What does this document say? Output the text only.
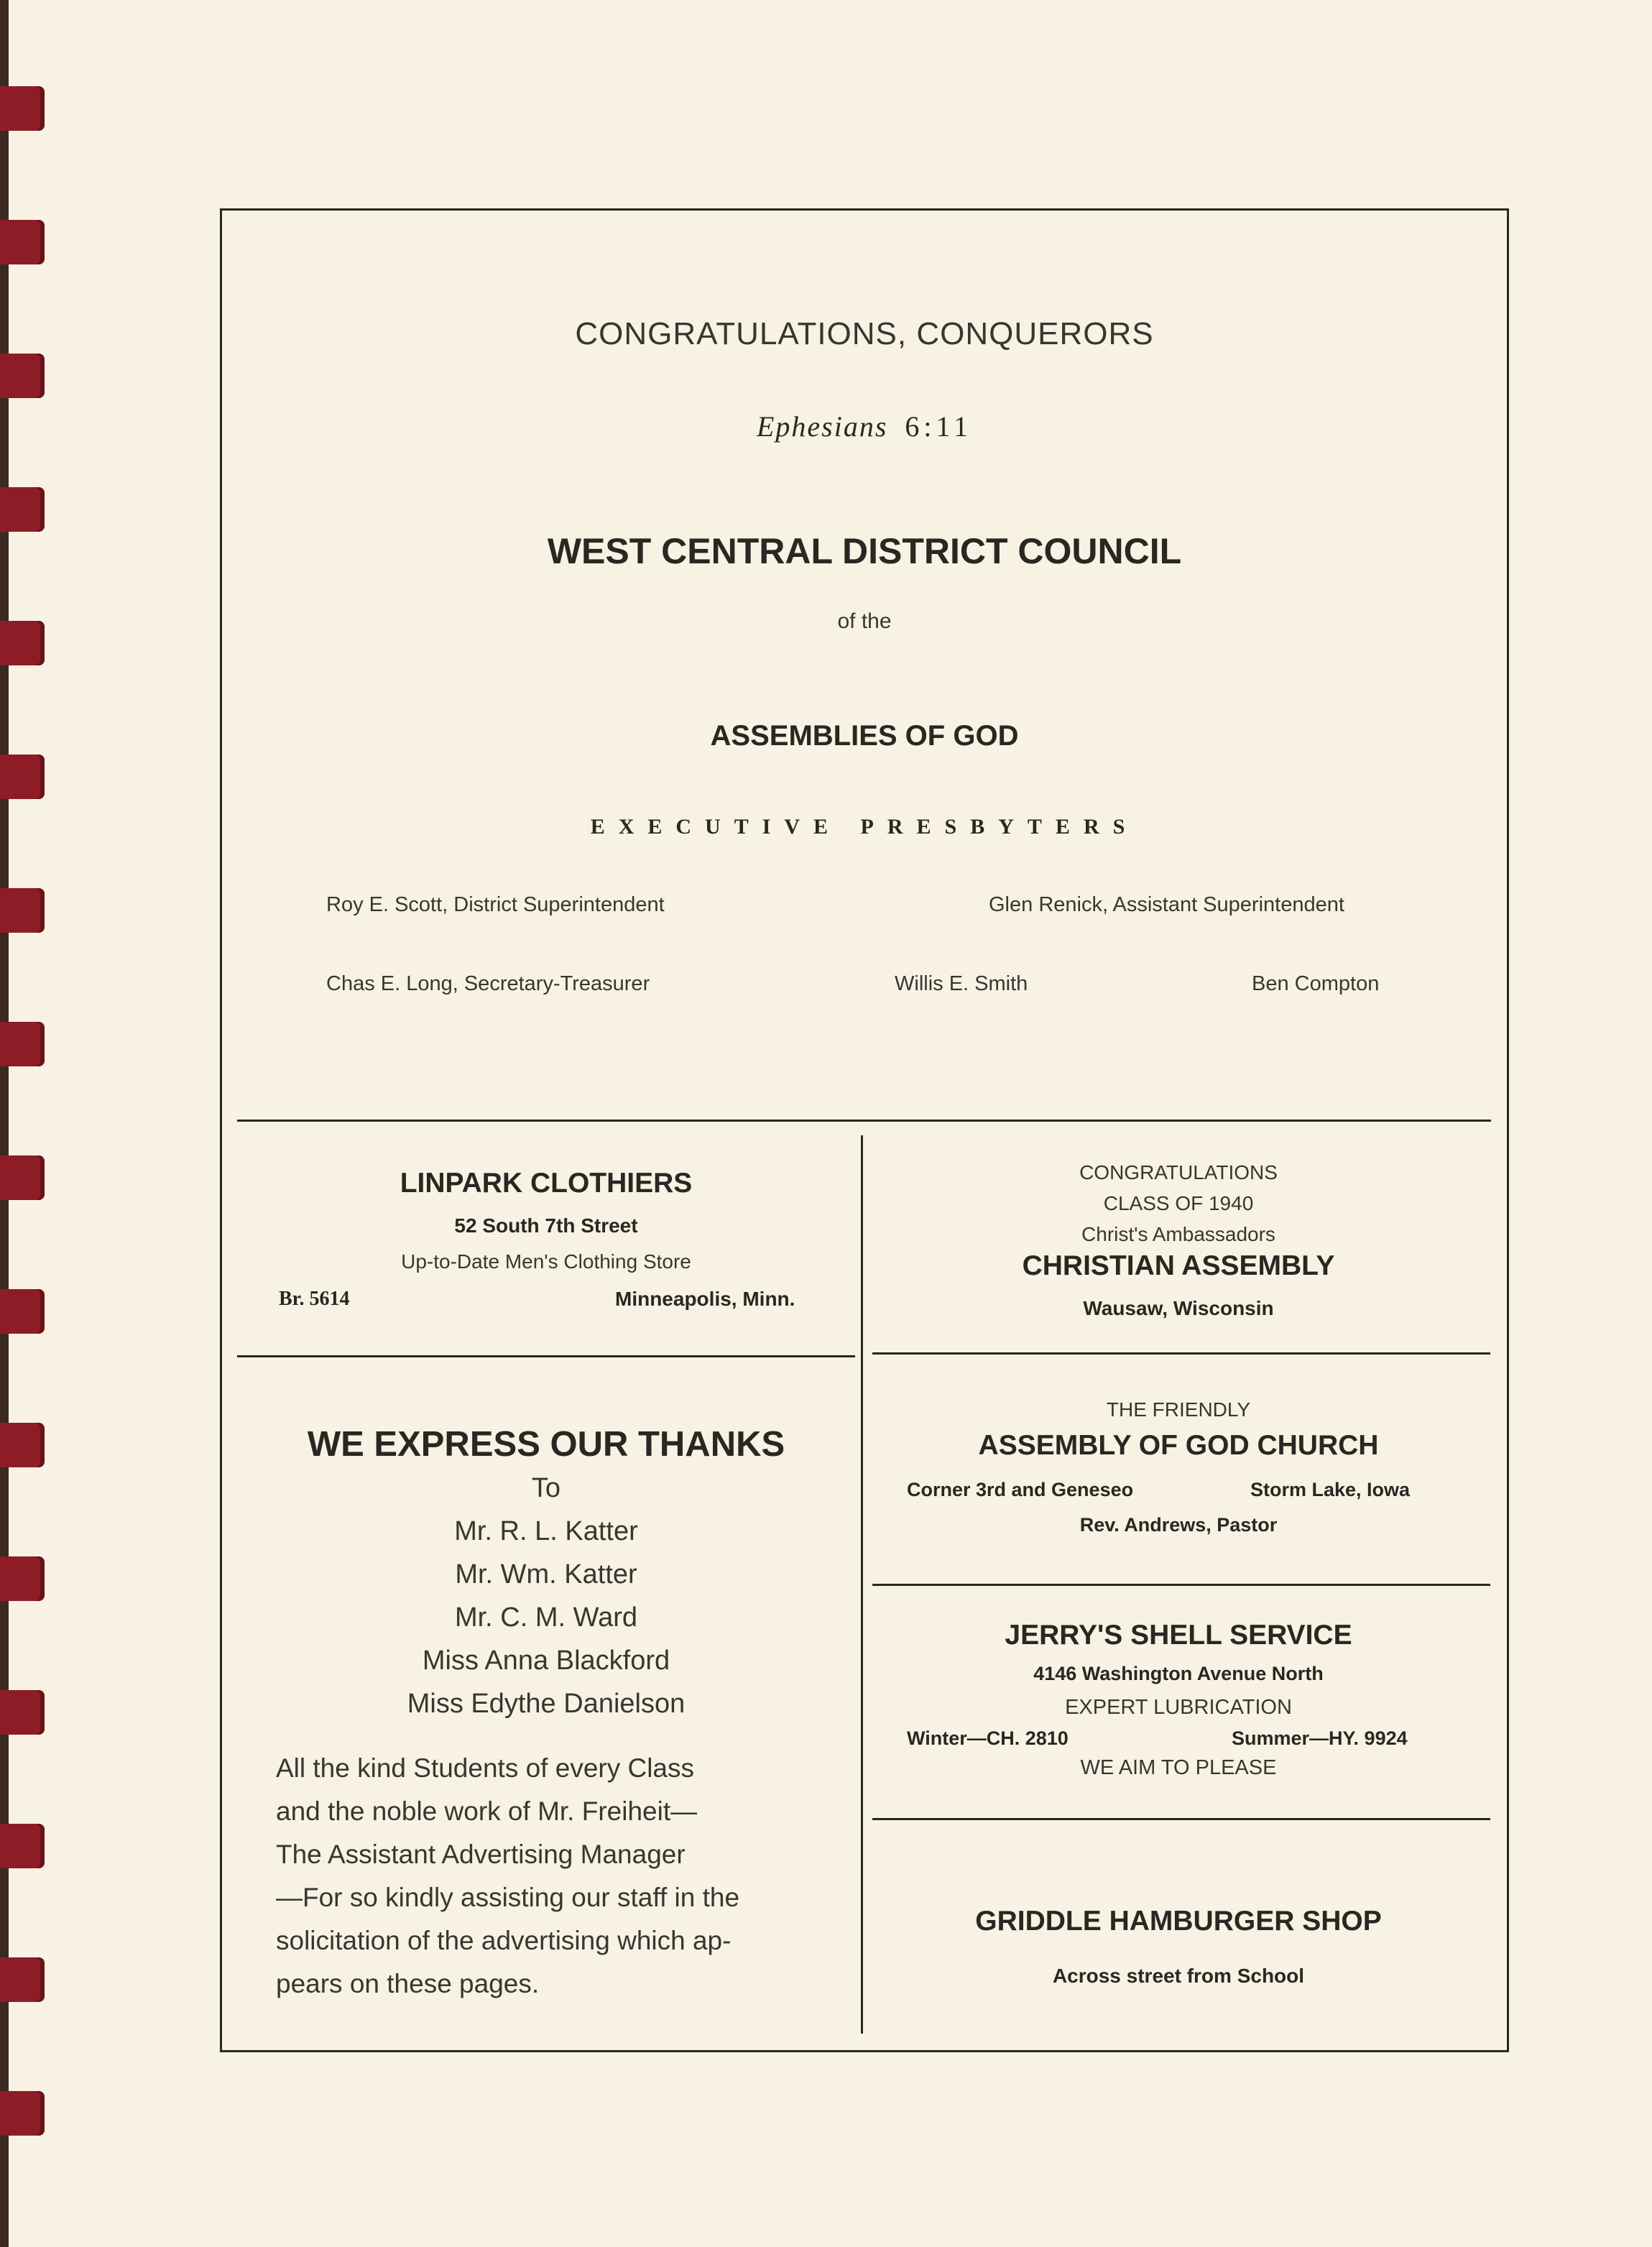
CONGRATULATIONS, CONQUERORS
Ephesians 6:11
WEST CENTRAL DISTRICT COUNCIL
of the
ASSEMBLIES OF GOD
EXECUTIVE PRESBYTERS
Roy E. Scott, District Superintendent	Glen Renick, Assistant Superintendent
Chas E. Long, Secretary-Treasurer	Willis E. Smith	Ben Compton
LINPARK CLOTHIERS
52 South 7th Street
Up-to-Date Men's Clothing Store
Br. 5614	Minneapolis, Minn.
CONGRATULATIONS
CLASS OF 1940
Christ's Ambassadors
CHRISTIAN ASSEMBLY
Wausaw, Wisconsin
WE EXPRESS OUR THANKS
To
Mr. R. L. Katter
Mr. Wm. Katter
Mr. C. M. Ward
Miss Anna Blackford
Miss Edythe Danielson
All the kind Students of every Class
and the noble work of Mr. Freiheit—
The Assistant Advertising Manager
—For so kindly assisting our staff in the
solicitation of the advertising which ap-
pears on these pages.
THE FRIENDLY
ASSEMBLY OF GOD CHURCH
Corner 3rd and Geneseo	Storm Lake, Iowa
Rev. Andrews, Pastor
JERRY'S SHELL SERVICE
4146 Washington Avenue North
EXPERT LUBRICATION
Winter—CH. 2810	Summer—HY. 9924
WE AIM TO PLEASE
GRIDDLE HAMBURGER SHOP
Across street from School
